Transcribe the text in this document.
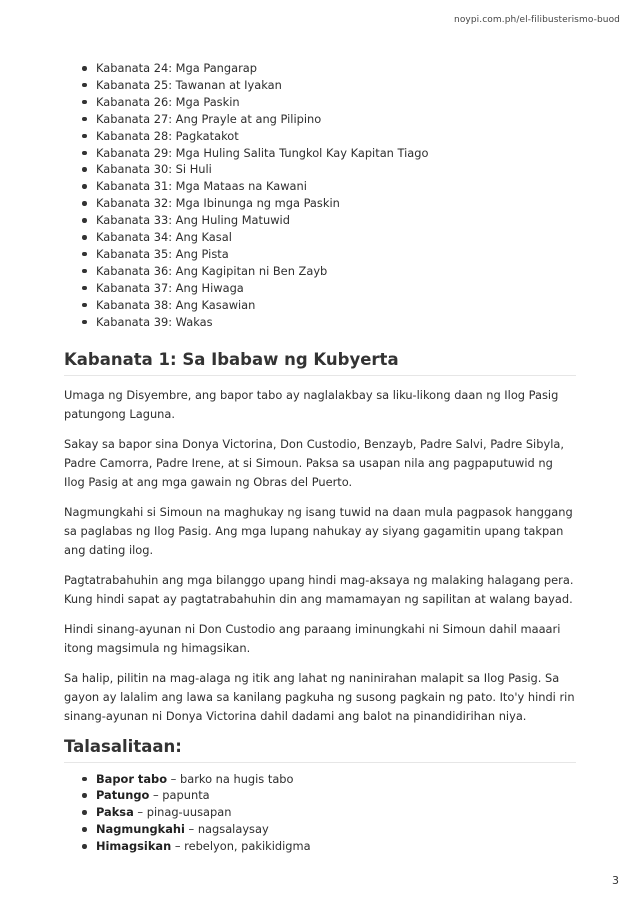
noypi.com.ph/el-filibusterismo-buod
Kabanata 24: Mga Pangarap
Kabanata 25: Tawanan at Iyakan
Kabanata 26: Mga Paskin
Kabanata 27: Ang Prayle at ang Pilipino
Kabanata 28: Pagkatakot
Kabanata 29: Mga Huling Salita Tungkol Kay Kapitan Tiago
Kabanata 30: Si Huli
Kabanata 31: Mga Mataas na Kawani
Kabanata 32: Mga Ibinunga ng mga Paskin
Kabanata 33: Ang Huling Matuwid
Kabanata 34: Ang Kasal
Kabanata 35: Ang Pista
Kabanata 36: Ang Kagipitan ni Ben Zayb
Kabanata 37: Ang Hiwaga
Kabanata 38: Ang Kasawian
Kabanata 39: Wakas
Kabanata 1: Sa Ibabaw ng Kubyerta

Umaga ng Disyembre, ang bapor tabo ay naglalakbay sa liku-likong daan ng Ilog Pasig patungong Laguna.

Sakay sa bapor sina Donya Victorina, Don Custodio, Benzayb, Padre Salvi, Padre Sibyla, Padre Camorra, Padre Irene, at si Simoun. Paksa sa usapan nila ang pagpaputuwid ng Ilog Pasig at ang mga gawain ng Obras del Puerto.

Nagmungkahi si Simoun na maghukay ng isang tuwid na daan mula pagpasok hanggang sa paglabas ng Ilog Pasig. Ang mga lupang nahukay ay siyang gagamitin upang takpan ang dating ilog.

Pagtatrabahuhin ang mga bilanggo upang hindi mag-aksaya ng malaking halagang pera. Kung hindi sapat ay pagtatrabahuhin din ang mamamayan ng sapilitan at walang bayad.

Hindi sinang-ayunan ni Don Custodio ang paraang iminungkahi ni Simoun dahil maaari itong magsimula ng himagsikan.

Sa halip, pilitin na mag-alaga ng itik ang lahat ng naninirahan malapit sa Ilog Pasig. Sa gayon ay lalalim ang lawa sa kanilang pagkuha ng susong pagkain ng pato. Ito'y hindi rin sinang-ayunan ni Donya Victorina dahil dadami ang balot na pinandidirihan niya.

Talasalitaan:
Bapor tabo – barko na hugis tabo
Patungo – papunta
Paksa – pinag-uusapan
Nagmungkahi – nagsalaysay
Himagsikan – rebelyon, pakikidigma
3
